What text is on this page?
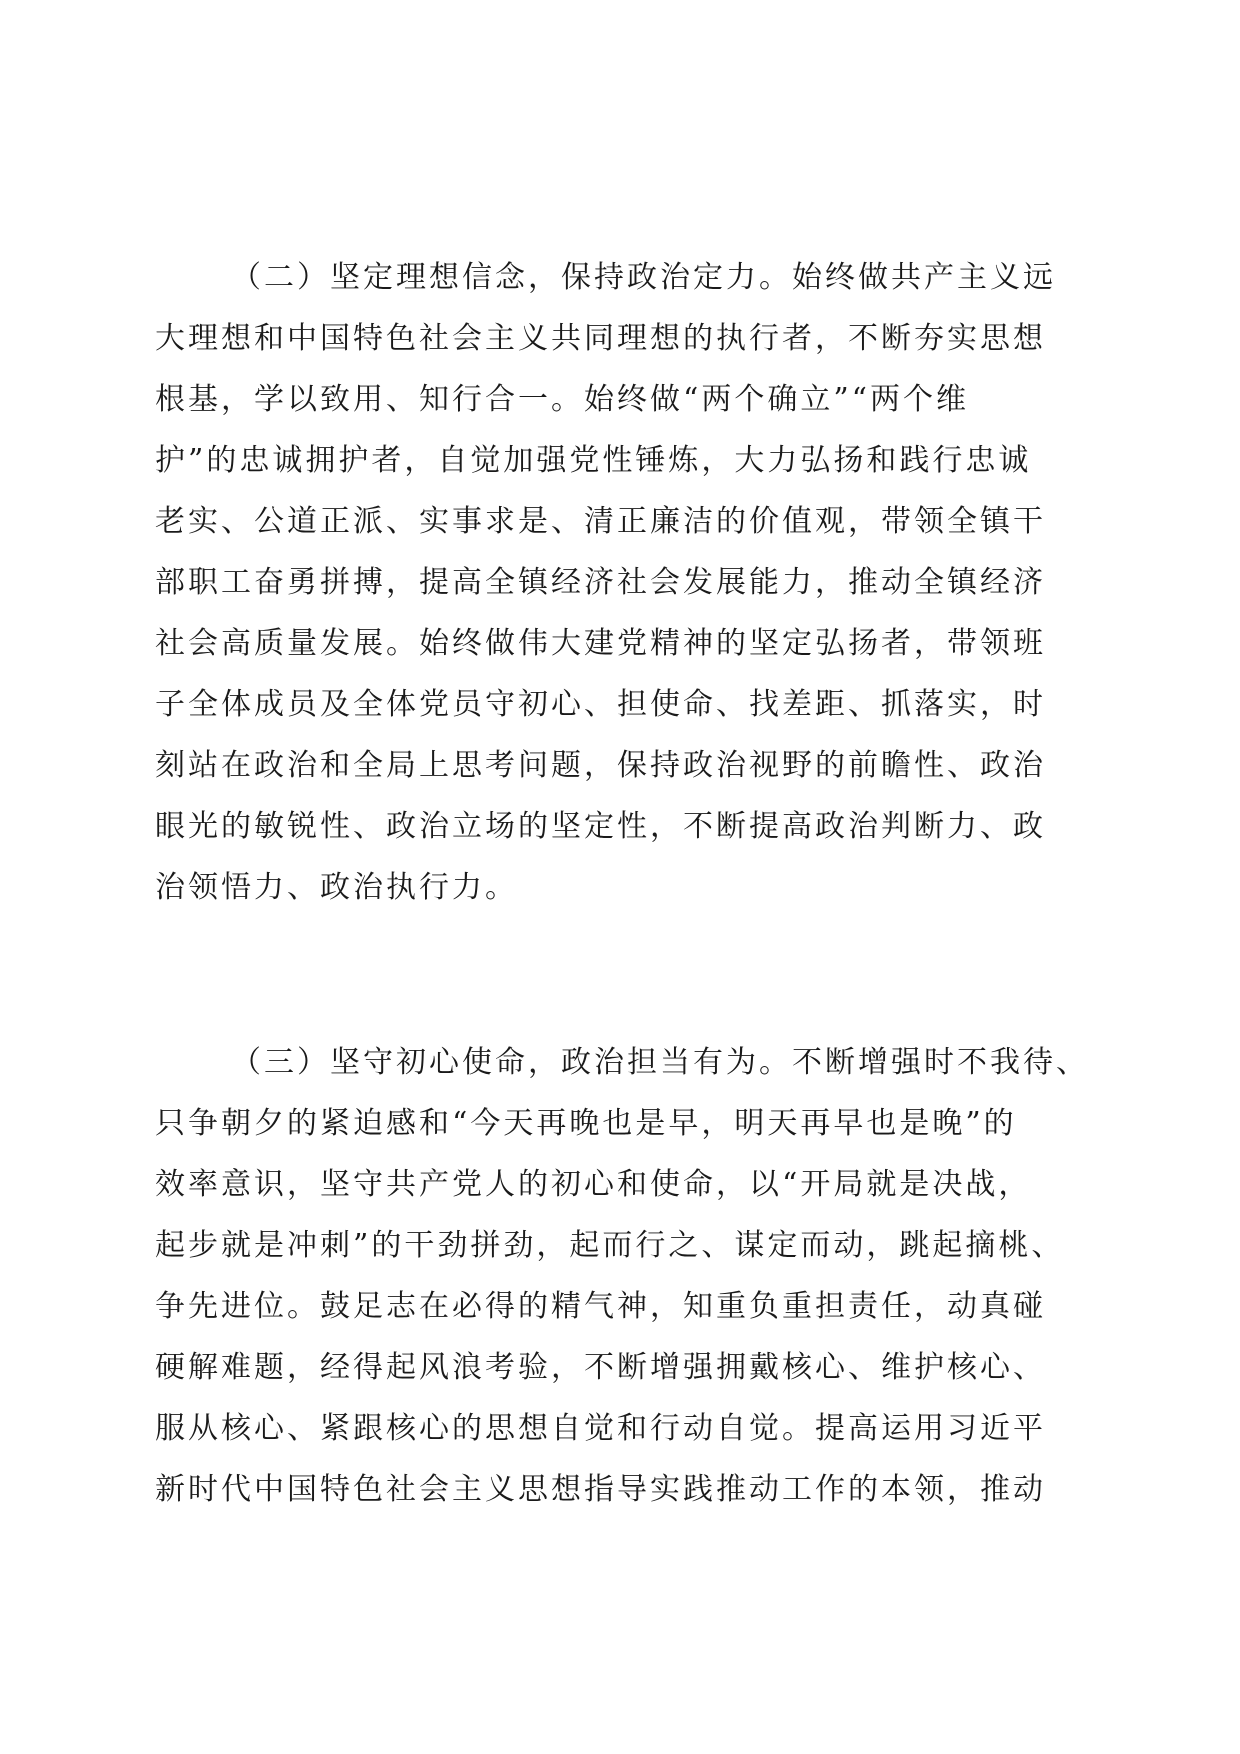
（二）坚定理想信念，保持政治定力。始终做共产主义远
大理想和中国特色社会主义共同理想的执行者，不断夯实思想
根基，学以致用、知行合一。始终做“两个确立”“两个维
护”的忠诚拥护者，自觉加强党性锤炼，大力弘扬和践行忠诚
老实、公道正派、实事求是、清正廉洁的价值观，带领全镇干
部职工奋勇拼搏，提高全镇经济社会发展能力，推动全镇经济
社会高质量发展。始终做伟大建党精神的坚定弘扬者，带领班
子全体成员及全体党员守初心、担使命、找差距、抓落实，时
刻站在政治和全局上思考问题，保持政治视野的前瞻性、政治
眼光的敏锐性、政治立场的坚定性，不断提高政治判断力、政
治领悟力、政治执行力。

（三）坚守初心使命，政治担当有为。不断增强时不我待、
只争朝夕的紧迫感和“今天再晚也是早，明天再早也是晚”的
效率意识，坚守共产党人的初心和使命，以“开局就是决战，
起步就是冲刺”的干劲拼劲，起而行之、谋定而动，跳起摘桃、
争先进位。鼓足志在必得的精气神，知重负重担责任，动真碰
硬解难题，经得起风浪考验，不断增强拥戴核心、维护核心、
服从核心、紧跟核心的思想自觉和行动自觉。提高运用习近平
新时代中国特色社会主义思想指导实践推动工作的本领，推动
